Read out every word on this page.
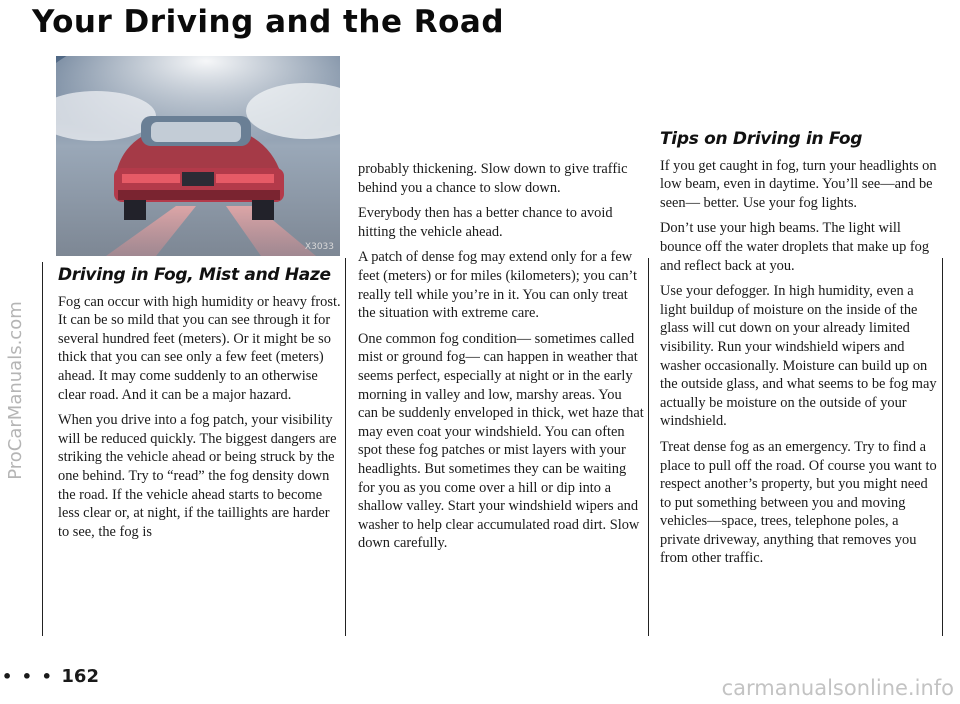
Your Driving and the Road
ProCarManuals.com
X3033
Driving in Fog, Mist and Haze

Fog can occur with high humidity or heavy frost. It can be so mild that you can see through it for several hundred feet (meters). Or it might be so thick that you can see only a few feet (meters) ahead. It may come suddenly to an otherwise clear road. And it can be a major hazard.

When you drive into a fog patch, your visibility will be reduced quickly. The biggest dangers are striking the vehicle ahead or being struck by the one behind. Try to “read” the fog density down the road. If the vehicle ahead starts to become less clear or, at night, if the taillights are harder to see, the fog is

probably thickening. Slow down to give traffic behind you a chance to slow down.

Everybody then has a better chance to avoid hitting the vehicle ahead.

A patch of dense fog may extend only for a few feet (meters) or for miles (kilometers); you can’t really tell while you’re in it. You can only treat the situation with extreme care.

One common fog condition— sometimes called mist or ground fog— can happen in weather that seems perfect, especially at night or in the early morning in valley and low, marshy areas. You can be suddenly enveloped in thick, wet haze that may even coat your windshield. You can often spot these fog patches or mist layers with your headlights. But sometimes they can be waiting for you as you come over a hill or dip into a shallow valley. Start your windshield wipers and washer to help clear accumulated road dirt. Slow down carefully.

Tips on Driving in Fog

If you get caught in fog, turn your headlights on low beam, even in daytime. You’ll see—and be seen— better. Use your fog lights.

Don’t use your high beams. The light will bounce off the water droplets that make up fog and reflect back at you.

Use your defogger. In high humidity, even a light buildup of moisture on the inside of the glass will cut down on your already limited visibility. Run your windshield wipers and washer occasionally. Moisture can build up on the outside glass, and what seems to be fog may actually be moisture on the outside of your windshield.

Treat dense fog as an emergency. Try to find a place to pull off the road. Of course you want to respect another’s property, but you might need to put something between you and moving vehicles—space, trees, telephone poles, a private driveway, anything that removes you from other traffic.

• • • 162	carmanualsonline.info
